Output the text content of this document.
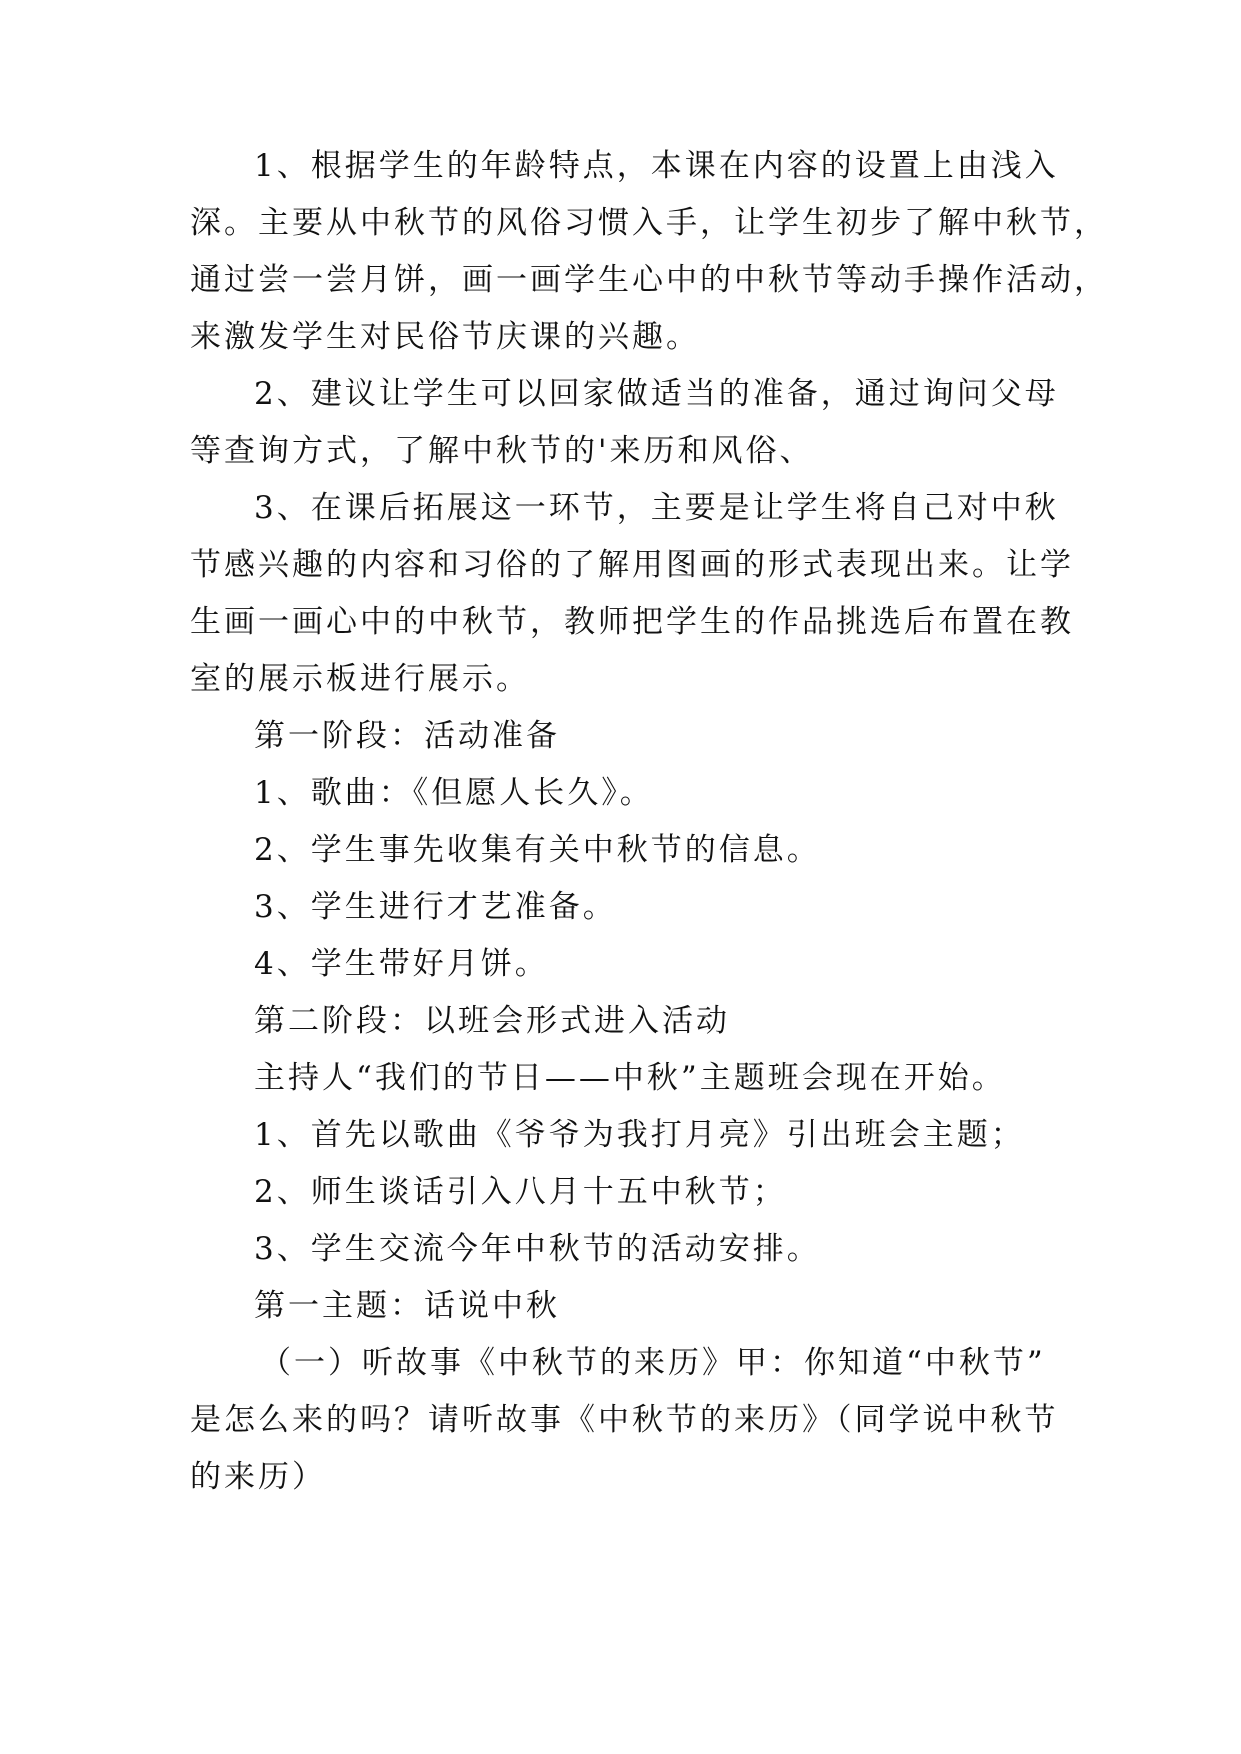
1、根据学生的年龄特点，本课在内容的设置上由浅入
深。主要从中秋节的风俗习惯入手，让学生初步了解中秋节，
通过尝一尝月饼，画一画学生心中的中秋节等动手操作活动，
来激发学生对民俗节庆课的兴趣。
2、建议让学生可以回家做适当的准备，通过询问父母
等查询方式，了解中秋节的'来历和风俗、
3、在课后拓展这一环节，主要是让学生将自己对中秋
节感兴趣的内容和习俗的了解用图画的形式表现出来。让学
生画一画心中的中秋节，教师把学生的作品挑选后布置在教
室的展示板进行展示。
第一阶段：活动准备
1、歌曲：《但愿人长久》。
2、学生事先收集有关中秋节的信息。
3、学生进行才艺准备。
4、学生带好月饼。
第二阶段：以班会形式进入活动
主持人“我们的节日——中秋”主题班会现在开始。
1、首先以歌曲《爷爷为我打月亮》引出班会主题；
2、师生谈话引入八月十五中秋节；
3、学生交流今年中秋节的活动安排。
第一主题：话说中秋
（一）听故事《中秋节的来历》甲：你知道“中秋节”
是怎么来的吗？请听故事《中秋节的来历》（同学说中秋节
的来历）
